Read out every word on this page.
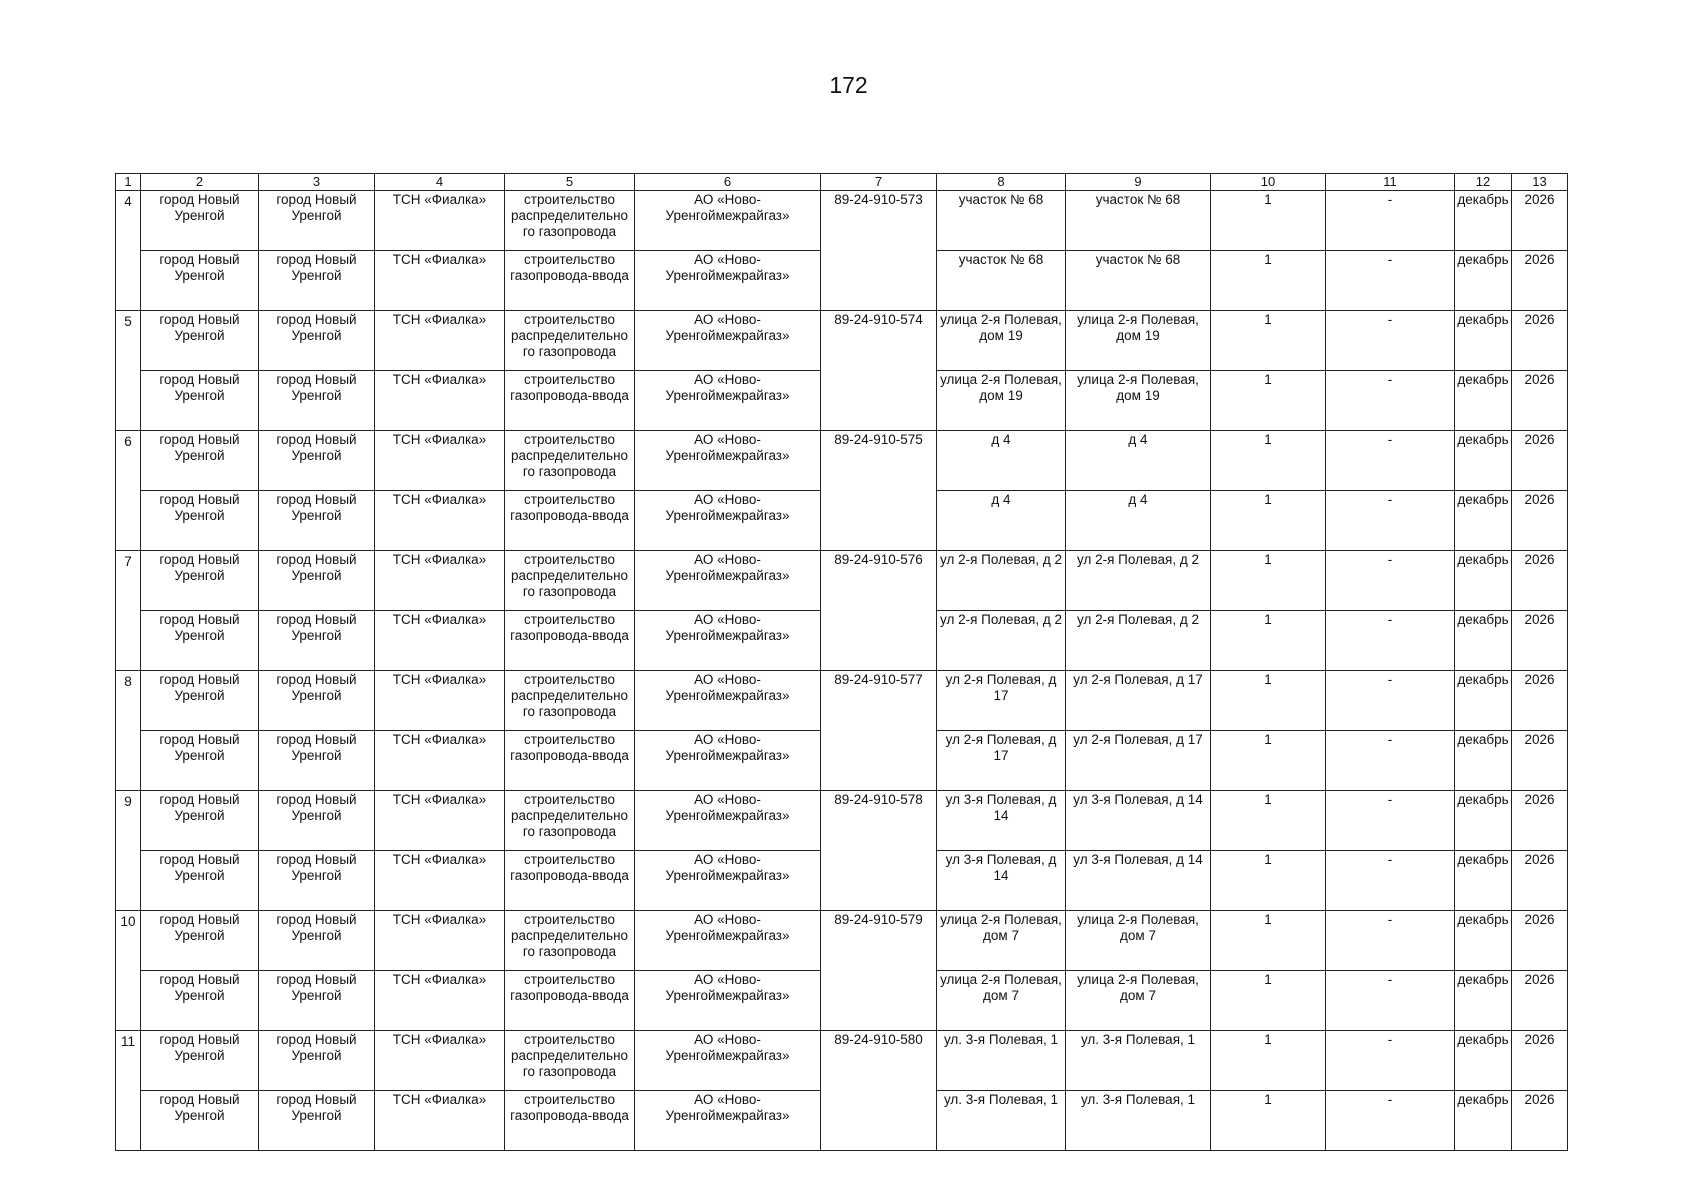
172
1	2	3	4	5	6	7	8	9	10	11	12	13
4	город Новый Уренгой	город Новый Уренгой	ТСН «Фиалка»	строительство распределительно го газопровода	АО «Ново-Уренгоймежрайгаз»	89-24-910-573	участок № 68	участок № 68	1	-	декабрь	2026
	город Новый Уренгой	город Новый Уренгой	ТСН «Фиалка»	строительство газопровода-ввода	АО «Ново-Уренгоймежрайгаз»		участок № 68	участок № 68	1	-	декабрь	2026
5	город Новый Уренгой	город Новый Уренгой	ТСН «Фиалка»	строительство распределительно го газопровода	АО «Ново-Уренгоймежрайгаз»	89-24-910-574	улица 2-я Полевая, дом 19	улица 2-я Полевая, дом 19	1	-	декабрь	2026
	город Новый Уренгой	город Новый Уренгой	ТСН «Фиалка»	строительство газопровода-ввода	АО «Ново-Уренгоймежрайгаз»		улица 2-я Полевая, дом 19	улица 2-я Полевая, дом 19	1	-	декабрь	2026
6	город Новый Уренгой	город Новый Уренгой	ТСН «Фиалка»	строительство распределительно го газопровода	АО «Ново-Уренгоймежрайгаз»	89-24-910-575	д 4	д 4	1	-	декабрь	2026
	город Новый Уренгой	город Новый Уренгой	ТСН «Фиалка»	строительство газопровода-ввода	АО «Ново-Уренгоймежрайгаз»		д 4	д 4	1	-	декабрь	2026
7	город Новый Уренгой	город Новый Уренгой	ТСН «Фиалка»	строительство распределительно го газопровода	АО «Ново-Уренгоймежрайгаз»	89-24-910-576	ул 2-я Полевая, д 2	ул 2-я Полевая, д 2	1	-	декабрь	2026
	город Новый Уренгой	город Новый Уренгой	ТСН «Фиалка»	строительство газопровода-ввода	АО «Ново-Уренгоймежрайгаз»		ул 2-я Полевая, д 2	ул 2-я Полевая, д 2	1	-	декабрь	2026
8	город Новый Уренгой	город Новый Уренгой	ТСН «Фиалка»	строительство распределительно го газопровода	АО «Ново-Уренгоймежрайгаз»	89-24-910-577	ул 2-я Полевая, д 17	ул 2-я Полевая, д 17	1	-	декабрь	2026
	город Новый Уренгой	город Новый Уренгой	ТСН «Фиалка»	строительство газопровода-ввода	АО «Ново-Уренгоймежрайгаз»		ул 2-я Полевая, д 17	ул 2-я Полевая, д 17	1	-	декабрь	2026
9	город Новый Уренгой	город Новый Уренгой	ТСН «Фиалка»	строительство распределительно го газопровода	АО «Ново-Уренгоймежрайгаз»	89-24-910-578	ул 3-я Полевая, д 14	ул 3-я Полевая, д 14	1	-	декабрь	2026
	город Новый Уренгой	город Новый Уренгой	ТСН «Фиалка»	строительство газопровода-ввода	АО «Ново-Уренгоймежрайгаз»		ул 3-я Полевая, д 14	ул 3-я Полевая, д 14	1	-	декабрь	2026
10	город Новый Уренгой	город Новый Уренгой	ТСН «Фиалка»	строительство распределительно го газопровода	АО «Ново-Уренгоймежрайгаз»	89-24-910-579	улица 2-я Полевая, дом 7	улица 2-я Полевая, дом 7	1	-	декабрь	2026
	город Новый Уренгой	город Новый Уренгой	ТСН «Фиалка»	строительство газопровода-ввода	АО «Ново-Уренгоймежрайгаз»		улица 2-я Полевая, дом 7	улица 2-я Полевая, дом 7	1	-	декабрь	2026
11	город Новый Уренгой	город Новый Уренгой	ТСН «Фиалка»	строительство распределительно го газопровода	АО «Ново-Уренгоймежрайгаз»	89-24-910-580	ул. 3-я Полевая, 1	ул. 3-я Полевая, 1	1	-	декабрь	2026
	город Новый Уренгой	город Новый Уренгой	ТСН «Фиалка»	строительство газопровода-ввода	АО «Ново-Уренгоймежрайгаз»		ул. 3-я Полевая, 1	ул. 3-я Полевая, 1	1	-	декабрь	2026
